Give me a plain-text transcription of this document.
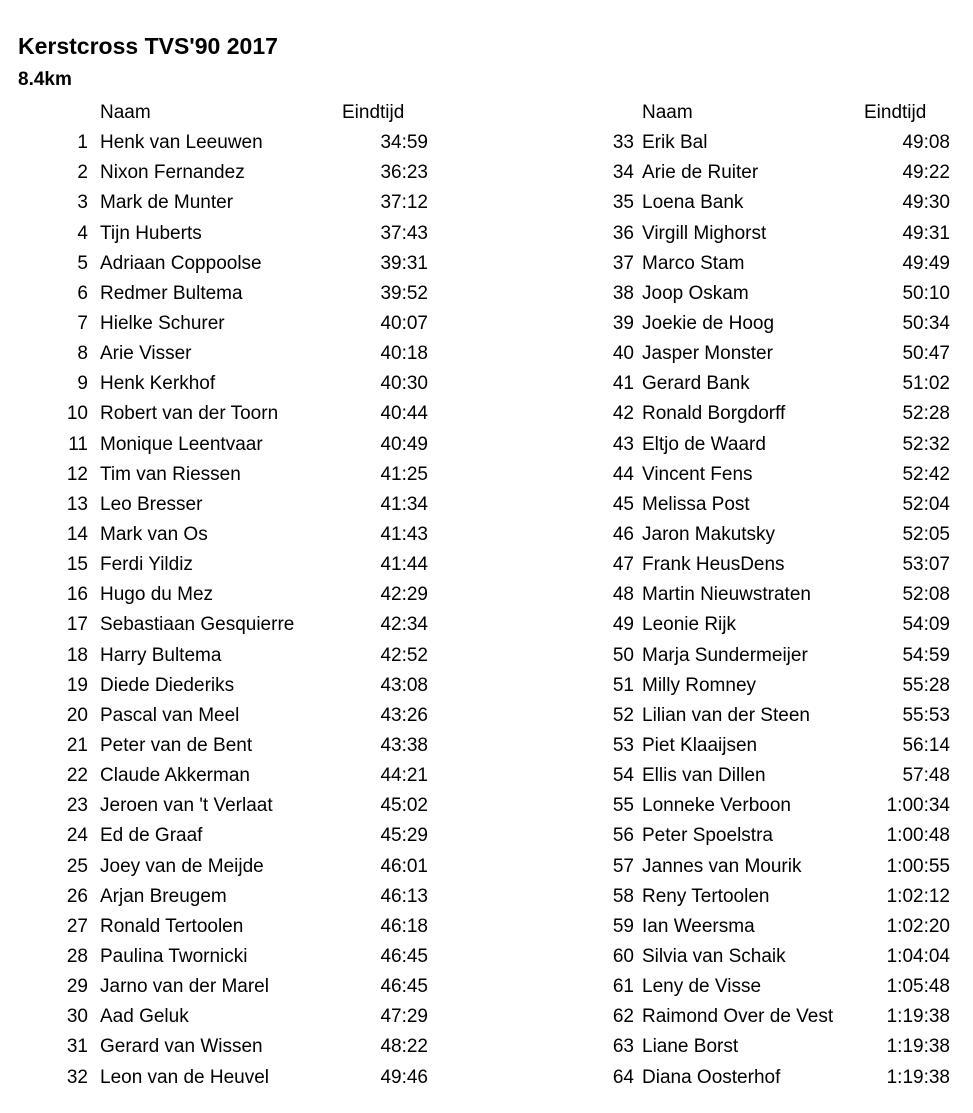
Kerstcross TVS'90 2017
8.4km
Naam	Eindtijd
1 Henk van Leeuwen	34:59
2 Nixon Fernandez	36:23
3 Mark de Munter	37:12
4 Tijn Huberts	37:43
5 Adriaan Coppoolse	39:31
6 Redmer Bultema	39:52
7 Hielke Schurer	40:07
8 Arie Visser	40:18
9 Henk Kerkhof	40:30
10 Robert van der Toorn	40:44
11 Monique Leentvaar	40:49
12 Tim van Riessen	41:25
13 Leo Bresser	41:34
14 Mark van Os	41:43
15 Ferdi Yildiz	41:44
16 Hugo du Mez	42:29
17 Sebastiaan Gesquierre	42:34
18 Harry Bultema	42:52
19 Diede Diederiks	43:08
20 Pascal van Meel	43:26
21 Peter van de Bent	43:38
22 Claude Akkerman	44:21
23 Jeroen van 't Verlaat	45:02
24 Ed de Graaf	45:29
25 Joey van de Meijde	46:01
26 Arjan Breugem	46:13
27 Ronald Tertoolen	46:18
28 Paulina Twornicki	46:45
29 Jarno van der Marel	46:45
30 Aad Geluk	47:29
31 Gerard van Wissen	48:22
32 Leon van de Heuvel	49:46
Naam	Eindtijd
33 Erik Bal	49:08
34 Arie de Ruiter	49:22
35 Loena Bank	49:30
36 Virgill Mighorst	49:31
37 Marco Stam	49:49
38 Joop Oskam	50:10
39 Joekie de Hoog	50:34
40 Jasper Monster	50:47
41 Gerard Bank	51:02
42 Ronald Borgdorff	52:28
43 Eltjo de Waard	52:32
44 Vincent Fens	52:42
45 Melissa Post	52:04
46 Jaron Makutsky	52:05
47 Frank HeusDens	53:07
48 Martin Nieuwstraten	52:08
49 Leonie Rijk	54:09
50 Marja Sundermeijer	54:59
51 Milly Romney	55:28
52 Lilian van der Steen	55:53
53 Piet Klaaijsen	56:14
54 Ellis van Dillen	57:48
55 Lonneke Verboon	1:00:34
56 Peter Spoelstra	1:00:48
57 Jannes van Mourik	1:00:55
58 Reny Tertoolen	1:02:12
59 Ian Weersma	1:02:20
60 Silvia van Schaik	1:04:04
61 Leny de Visse	1:05:48
62 Raimond Over de Vest	1:19:38
63 Liane Borst	1:19:38
64 Diana Oosterhof	1:19:38
